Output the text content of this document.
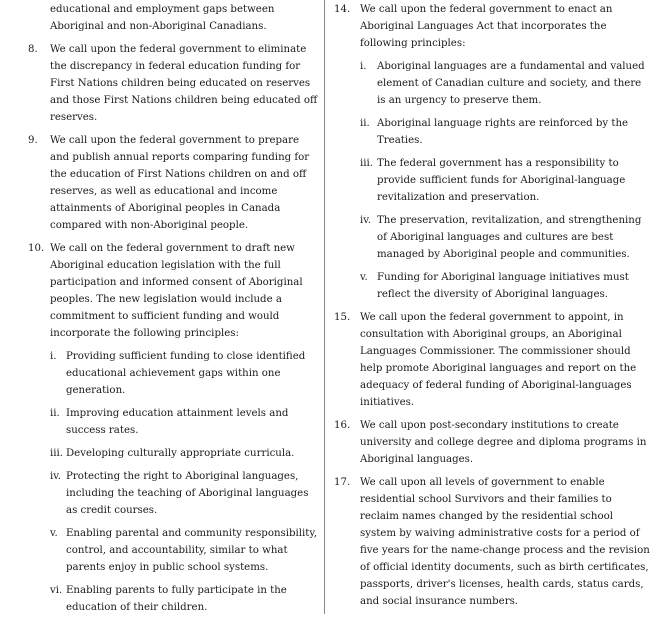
educational and employment gaps between Aboriginal and non-Aboriginal Canadians.
8. We call upon the federal government to eliminate the discrepancy in federal education funding for First Nations children being educated on reserves and those First Nations children being educated off reserves.
9. We call upon the federal government to prepare and publish annual reports comparing funding for the education of First Nations children on and off reserves, as well as educational and income attainments of Aboriginal peoples in Canada compared with non-Aboriginal people.
10. We call on the federal government to draft new Aboriginal education legislation with the full participation and informed consent of Aboriginal peoples. The new legislation would include a commitment to sufficient funding and would incorporate the following principles:
i. Providing sufficient funding to close identified educational achievement gaps within one generation.
ii. Improving education attainment levels and success rates.
iii. Developing culturally appropriate curricula.
iv. Protecting the right to Aboriginal languages, including the teaching of Aboriginal languages as credit courses.
v. Enabling parental and community responsibility, control, and accountability, similar to what parents enjoy in public school systems.
vi. Enabling parents to fully participate in the education of their children.
14. We call upon the federal government to enact an Aboriginal Languages Act that incorporates the following principles:
i. Aboriginal languages are a fundamental and valued element of Canadian culture and society, and there is an urgency to preserve them.
ii. Aboriginal language rights are reinforced by the Treaties.
iii. The federal government has a responsibility to provide sufficient funds for Aboriginal-language revitalization and preservation.
iv. The preservation, revitalization, and strengthening of Aboriginal languages and cultures are best managed by Aboriginal people and communities.
v. Funding for Aboriginal language initiatives must reflect the diversity of Aboriginal languages.
15. We call upon the federal government to appoint, in consultation with Aboriginal groups, an Aboriginal Languages Commissioner. The commissioner should help promote Aboriginal languages and report on the adequacy of federal funding of Aboriginal-languages initiatives.
16. We call upon post-secondary institutions to create university and college degree and diploma programs in Aboriginal languages.
17. We call upon all levels of government to enable residential school Survivors and their families to reclaim names changed by the residential school system by waiving administrative costs for a period of five years for the name-change process and the revision of official identity documents, such as birth certificates, passports, driver's licenses, health cards, status cards, and social insurance numbers.
